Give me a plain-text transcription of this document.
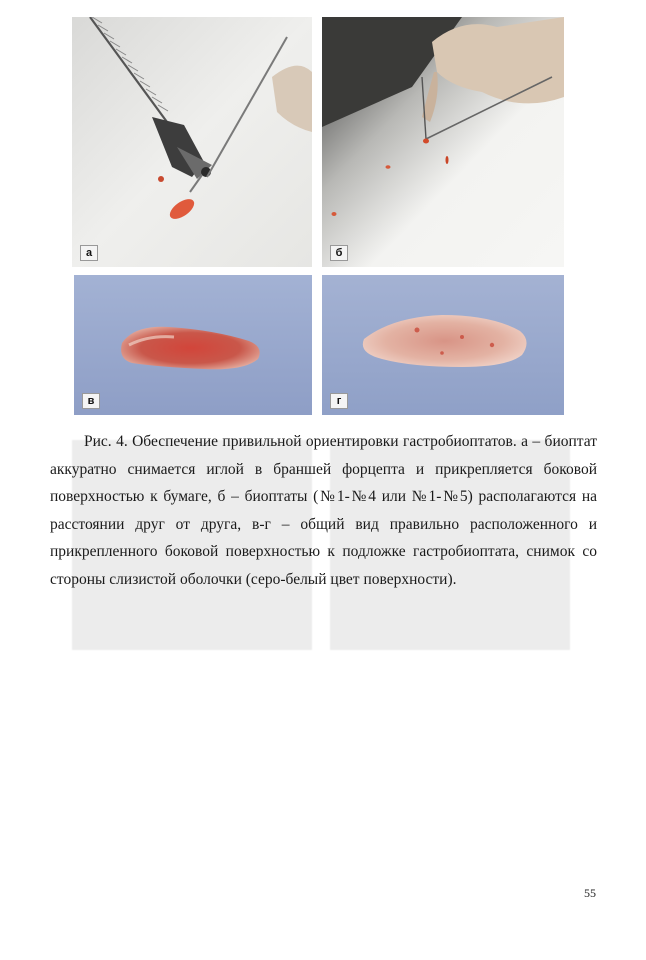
а	б
в	г

Рис. 4. Обеспечение привильной ориентировки гастробиоптатов. а – биоптат аккуратно снимается иглой в браншей форцепта и прикрепляется боковой поверхностью к бумаге, б – биоптаты (№1-№4 или №1-№5) располагаются на расстоянии друг от друга, в-г – общий вид правильно расположенного и прикрепленного боковой поверхностью к подложке гастробиоптата, снимок со стороны слизистой оболочки (серо-белый цвет поверхности).

55
